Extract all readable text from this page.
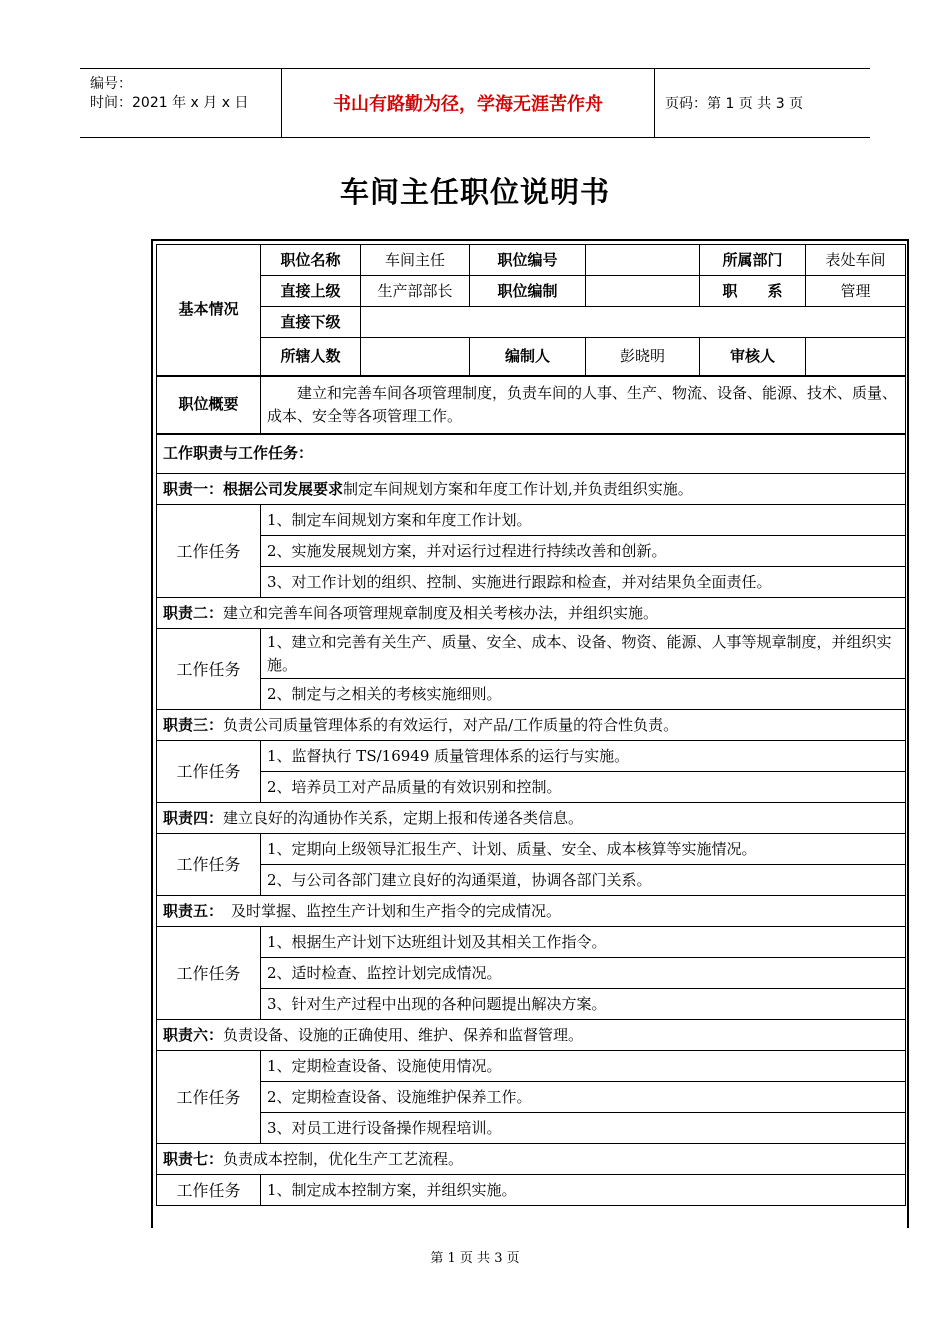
编号：
时间：2021 年 x 月 x 日	书山有路勤为径，学海无涯苦作舟	页码：第 1 页 共 3 页
车间主任职位说明书
基本情况	职位名称	车间主任	职位编号		所属部门	表处车间
	直接上级	生产部部长	职位编制		职　　系	管理
	直接下级					
	所辖人数		编制人	彭晓明	审核人	
职位概要	建立和完善车间各项管理制度，负责车间的人事、生产、物流、设备、能源、技术、质量、成本、安全等各项管理工作。					
工作职责与工作任务：						
职责一：根据公司发展要求制定车间规划方案和年度工作计划,并负责组织实施。						
工作任务	1、制定车间规划方案和年度工作计划。					
	2、实施发展规划方案，并对运行过程进行持续改善和创新。					
	3、对工作计划的组织、控制、实施进行跟踪和检查，并对结果负全面责任。					
职责二：建立和完善车间各项管理规章制度及相关考核办法，并组织实施。						
工作任务	1、建立和完善有关生产、质量、安全、成本、设备、物资、能源、人事等规章制度，并组织实施。					
	2、制定与之相关的考核实施细则。					
职责三：负责公司质量管理体系的有效运行，对产品/工作质量的符合性负责。						
工作任务	1、监督执行 TS/16949 质量管理体系的运行与实施。					
	2、培养员工对产品质量的有效识别和控制。					
职责四：建立良好的沟通协作关系，定期上报和传递各类信息。						
工作任务	1、定期向上级领导汇报生产、计划、质量、安全、成本核算等实施情况。					
	2、与公司各部门建立良好的沟通渠道，协调各部门关系。					
职责五： 及时掌握、监控生产计划和生产指令的完成情况。						
工作任务	1、根据生产计划下达班组计划及其相关工作指令。					
	2、适时检查、监控计划完成情况。					
	3、针对生产过程中出现的各种问题提出解决方案。					
职责六：负责设备、设施的正确使用、维护、保养和监督管理。						
工作任务	1、定期检查设备、设施使用情况。					
	2、定期检查设备、设施维护保养工作。					
	3、对员工进行设备操作规程培训。					
职责七：负责成本控制，优化生产工艺流程。						
工作任务	1、制定成本控制方案，并组织实施。					
第 1 页 共 3 页
